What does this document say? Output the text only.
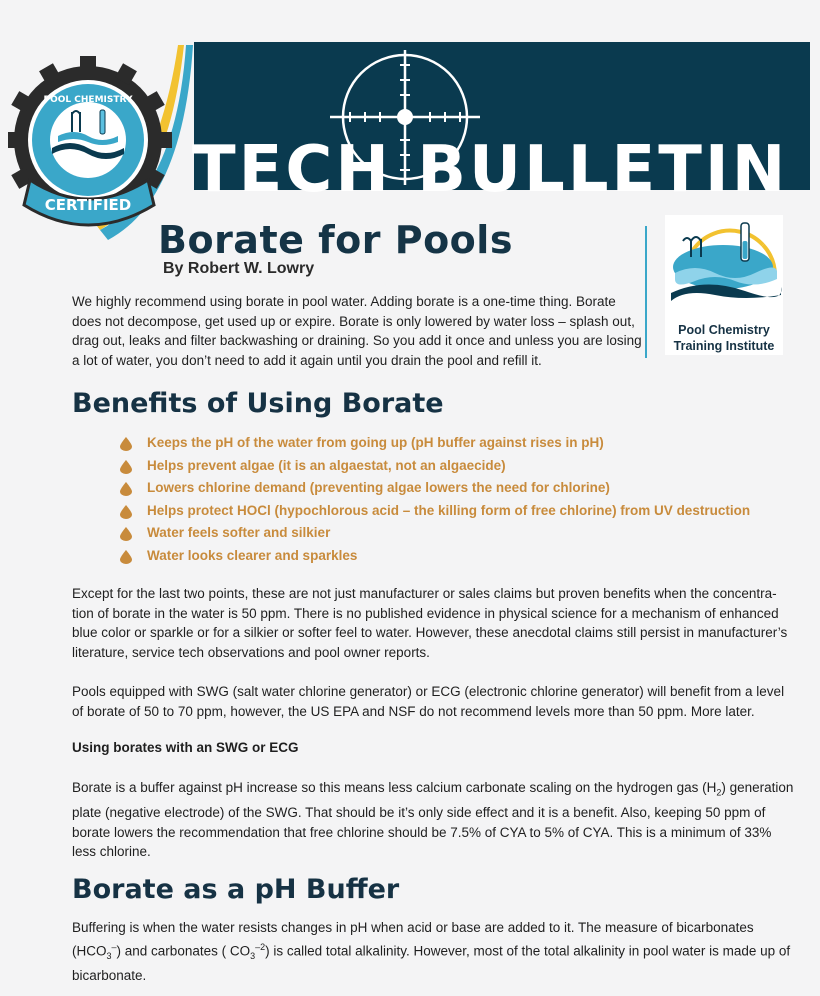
CERTIFIED
POOL CHEMISTRY
TECH BULLETIN
Borate for Pools
By Robert W. Lowry
Pool Chemistry
Training Institute
We highly recommend using borate in pool water. Adding borate is a one-time thing. Borate
does not decompose, get used up or expire. Borate is only lowered by water loss – splash out,
drag out, leaks and filter backwashing or draining. So you add it once and unless you are losing
a lot of water, you don’t need to add it again until you drain the pool and refill it.
Benefits of Using Borate
Keeps the pH of the water from going up (pH buffer against rises in pH)
Helps prevent algae (it is an algaestat, not an algaecide)
Lowers chlorine demand (preventing algae lowers the need for chlorine)
Helps protect HOCl (hypochlorous acid – the killing form of free chlorine) from UV destruction
Water feels softer and silkier
Water looks clearer and sparkles
Except for the last two points, these are not just manufacturer or sales claims but proven benefits when the concentra-
tion of borate in the water is 50 ppm. There is no published evidence in physical science for a mechanism of enhanced
blue color or sparkle or for a silkier or softer feel to water. However, these anecdotal claims still persist in manufacturer’s
literature, service tech observations and pool owner reports.
Pools equipped with SWG (salt water chlorine generator) or ECG (electronic chlorine generator) will benefit from a level
of borate of 50 to 70 ppm, however, the US EPA and NSF do not recommend levels more than 50 ppm. More later.
Using borates with an SWG or ECG
Borate is a buffer against pH increase so this means less calcium carbonate scaling on the hydrogen gas $(H_2)$ generation
plate (negative electrode) of the SWG. That should be it’s only side effect and it is a benefit. Also, keeping 50 ppm of
borate lowers the recommendation that free chlorine should be 7.5% of CYA to 5% of CYA. This is a minimum of 33%
less chlorine.
Borate as a pH Buffer
Buffering is when the water resists changes in pH when acid or base are added to it. The measure of bicarbonates
$(HCO_3^-)$ and carbonates ( $CO_3^{-2}$) is called total alkalinity. However, most of the total alkalinity in pool water is made up of
bicarbonate.
